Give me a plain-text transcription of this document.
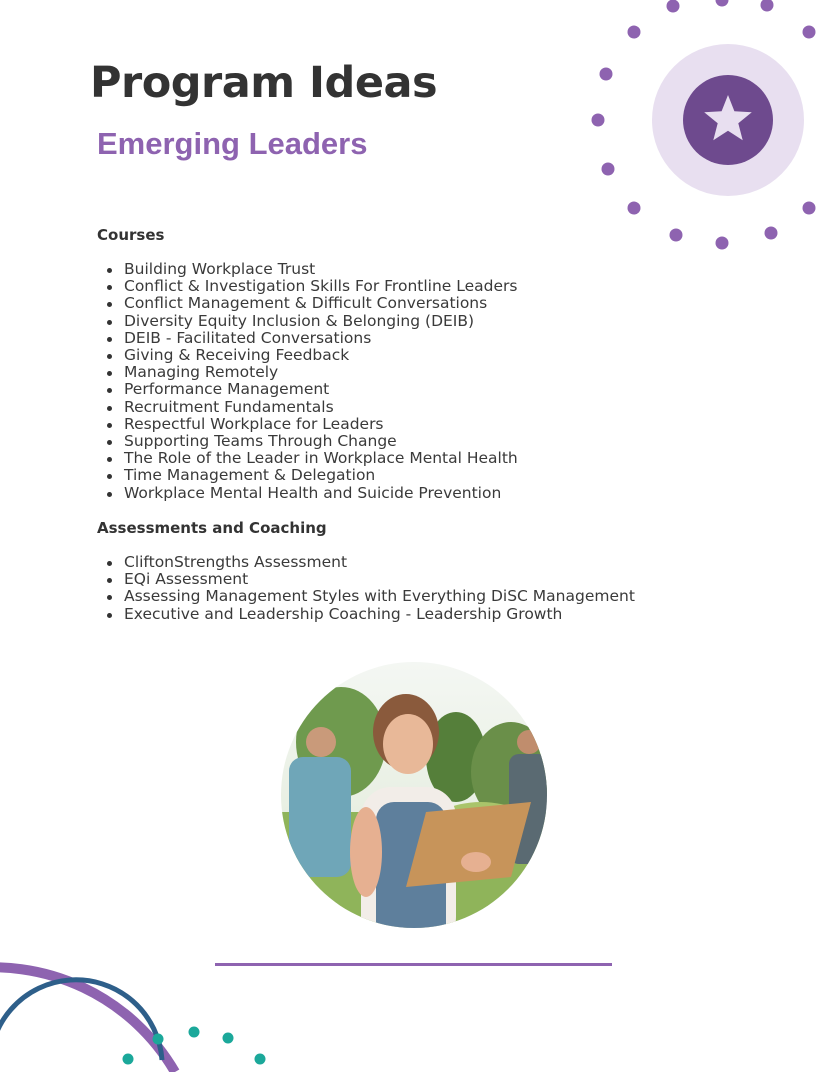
Program Ideas
Emerging Leaders
Courses
Building Workplace Trust
Conflict & Investigation Skills For Frontline Leaders
Conflict Management & Difficult Conversations
Diversity Equity Inclusion & Belonging (DEIB)
DEIB - Facilitated Conversations
Giving & Receiving Feedback
Managing Remotely
Performance Management
Recruitment Fundamentals
Respectful Workplace for Leaders
Supporting Teams Through Change
The Role of the Leader in Workplace Mental Health
Time Management & Delegation
Workplace Mental Health and Suicide Prevention
Assessments and Coaching
CliftonStrengths Assessment
EQi Assessment
Assessing Management Styles with Everything DiSC Management
Executive and Leadership Coaching - Leadership Growth
